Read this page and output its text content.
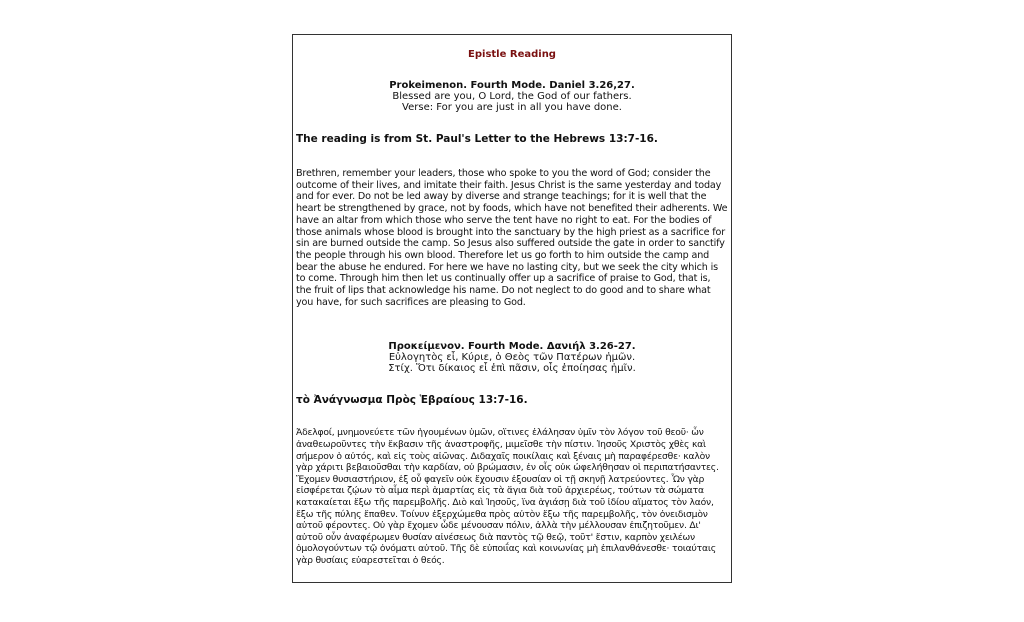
Epistle Reading
Prokeimenon. Fourth Mode. Daniel 3.26,27.
Blessed are you, O Lord, the God of our fathers.
Verse: For you are just in all you have done.
The reading is from St. Paul's Letter to the Hebrews 13:7-16.
Brethren, remember your leaders, those who spoke to you the word of God; consider the outcome of their lives, and imitate their faith. Jesus Christ is the same yesterday and today and for ever. Do not be led away by diverse and strange teachings; for it is well that the heart be strengthened by grace, not by foods, which have not benefited their adherents. We have an altar from which those who serve the tent have no right to eat. For the bodies of those animals whose blood is brought into the sanctuary by the high priest as a sacrifice for sin are burned outside the camp. So Jesus also suffered outside the gate in order to sanctify the people through his own blood. Therefore let us go forth to him outside the camp and bear the abuse he endured. For here we have no lasting city, but we seek the city which is to come. Through him then let us continually offer up a sacrifice of praise to God, that is, the fruit of lips that acknowledge his name. Do not neglect to do good and to share what you have, for such sacrifices are pleasing to God.
Προκείμενον. Fourth Mode. Δανιήλ 3.26-27.
Εὐλογητὸς εἶ, Κύριε, ὁ Θεὸς τῶν Πατέρων ἡμῶν.
Στίχ. Ὅτι δίκαιος εἶ ἐπὶ πᾶσιν, οἷς ἐποίησας ἡμῖν.
τὸ Ἀνάγνωσμα Πρὸς Ἑβραίους 13:7-16.
Ἀδελφοί, μνημονεύετε τῶν ἡγουμένων ὑμῶν, οἵτινες ἐλάλησαν ὑμῖν τὸν λόγον τοῦ θεοῦ· ὧν ἀναθεωροῦντες τὴν ἔκβασιν τῆς ἀναστροφῆς, μιμεῖσθε τὴν πίστιν. Ἰησοῦς Χριστὸς χθὲς καὶ σήμερον ὁ αὐτός, καὶ εἰς τοὺς αἰῶνας. Διδαχαῖς ποικίλαις καὶ ξέναις μὴ παραφέρεσθε· καλὸν γὰρ χάριτι βεβαιοῦσθαι τὴν καρδίαν, οὐ βρώμασιν, ἐν οἷς οὐκ ὠφελήθησαν οἱ περιπατήσαντες. Ἔχομεν θυσιαστήριον, ἐξ οὗ φαγεῖν οὐκ ἔχουσιν ἐξουσίαν οἱ τῇ σκηνῇ λατρεύοντες. Ὧν γὰρ εἰσφέρεται ζῴων τὸ αἷμα περὶ ἁμαρτίας εἰς τὰ ἅγια διὰ τοῦ ἀρχιερέως, τούτων τὰ σώματα κατακαίεται ἔξω τῆς παρεμβολῆς. Διὸ καὶ Ἰησοῦς, ἵνα ἁγιάσῃ διὰ τοῦ ἰδίου αἵματος τὸν λαόν, ἔξω τῆς πύλης ἔπαθεν. Τοίνυν ἐξερχώμεθα πρὸς αὐτὸν ἔξω τῆς παρεμβολῆς, τὸν ὀνειδισμὸν αὐτοῦ φέροντες. Οὐ γὰρ ἔχομεν ὧδε μένουσαν πόλιν, ἀλλὰ τὴν μέλλουσαν ἐπιζητοῦμεν. Δι' αὐτοῦ οὖν ἀναφέρωμεν θυσίαν αἰνέσεως διὰ παντὸς τῷ θεῷ, τοῦτ' ἔστιν, καρπὸν χειλέων ὁμολογούντων τῷ ὀνόματι αὐτοῦ. Τῆς δὲ εὐποιΐας καὶ κοινωνίας μὴ ἐπιλανθάνεσθε· τοιαύταις γὰρ θυσίαις εὐαρεστεῖται ὁ θεός.
